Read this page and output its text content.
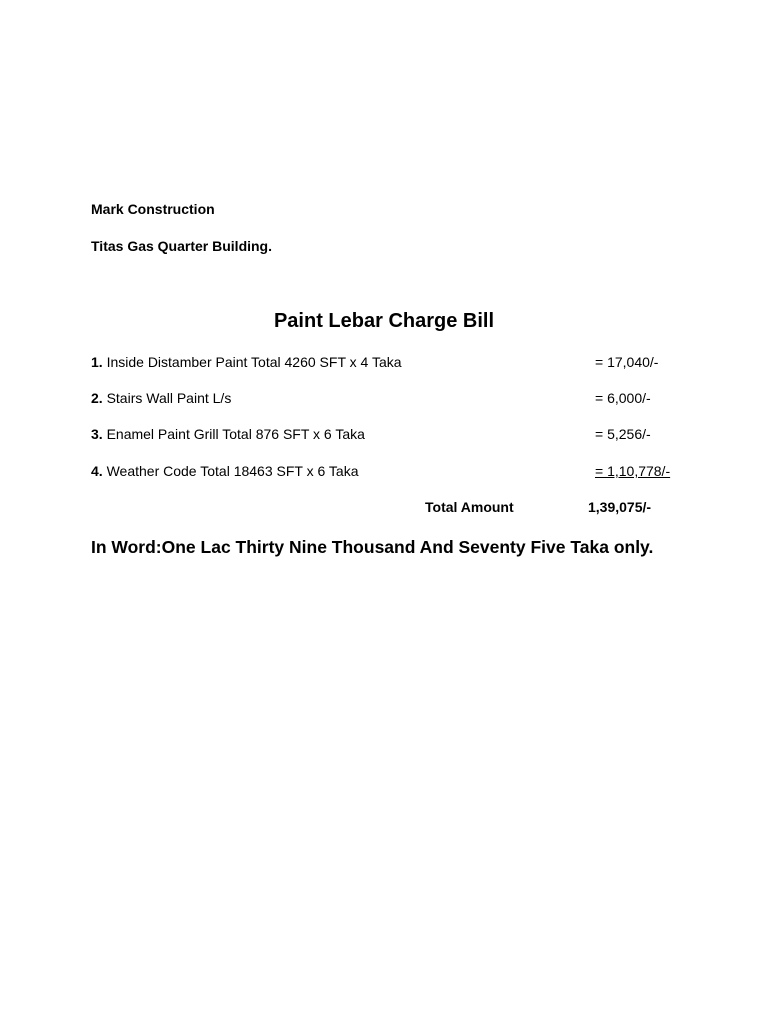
Mark Construction
Titas Gas Quarter Building.
Paint Lebar Charge Bill
1. Inside Distamber Paint Total 4260 SFT x 4 Taka	= 17,040/-
2. Stairs Wall Paint L/s	= 6,000/-
3. Enamel Paint Grill Total 876 SFT x 6 Taka	= 5,256/-
4. Weather Code Total 18463 SFT x 6 Taka	= 1,10,778/-
Total Amount	1,39,075/-
In Word:One Lac Thirty Nine Thousand And Seventy Five Taka only.
